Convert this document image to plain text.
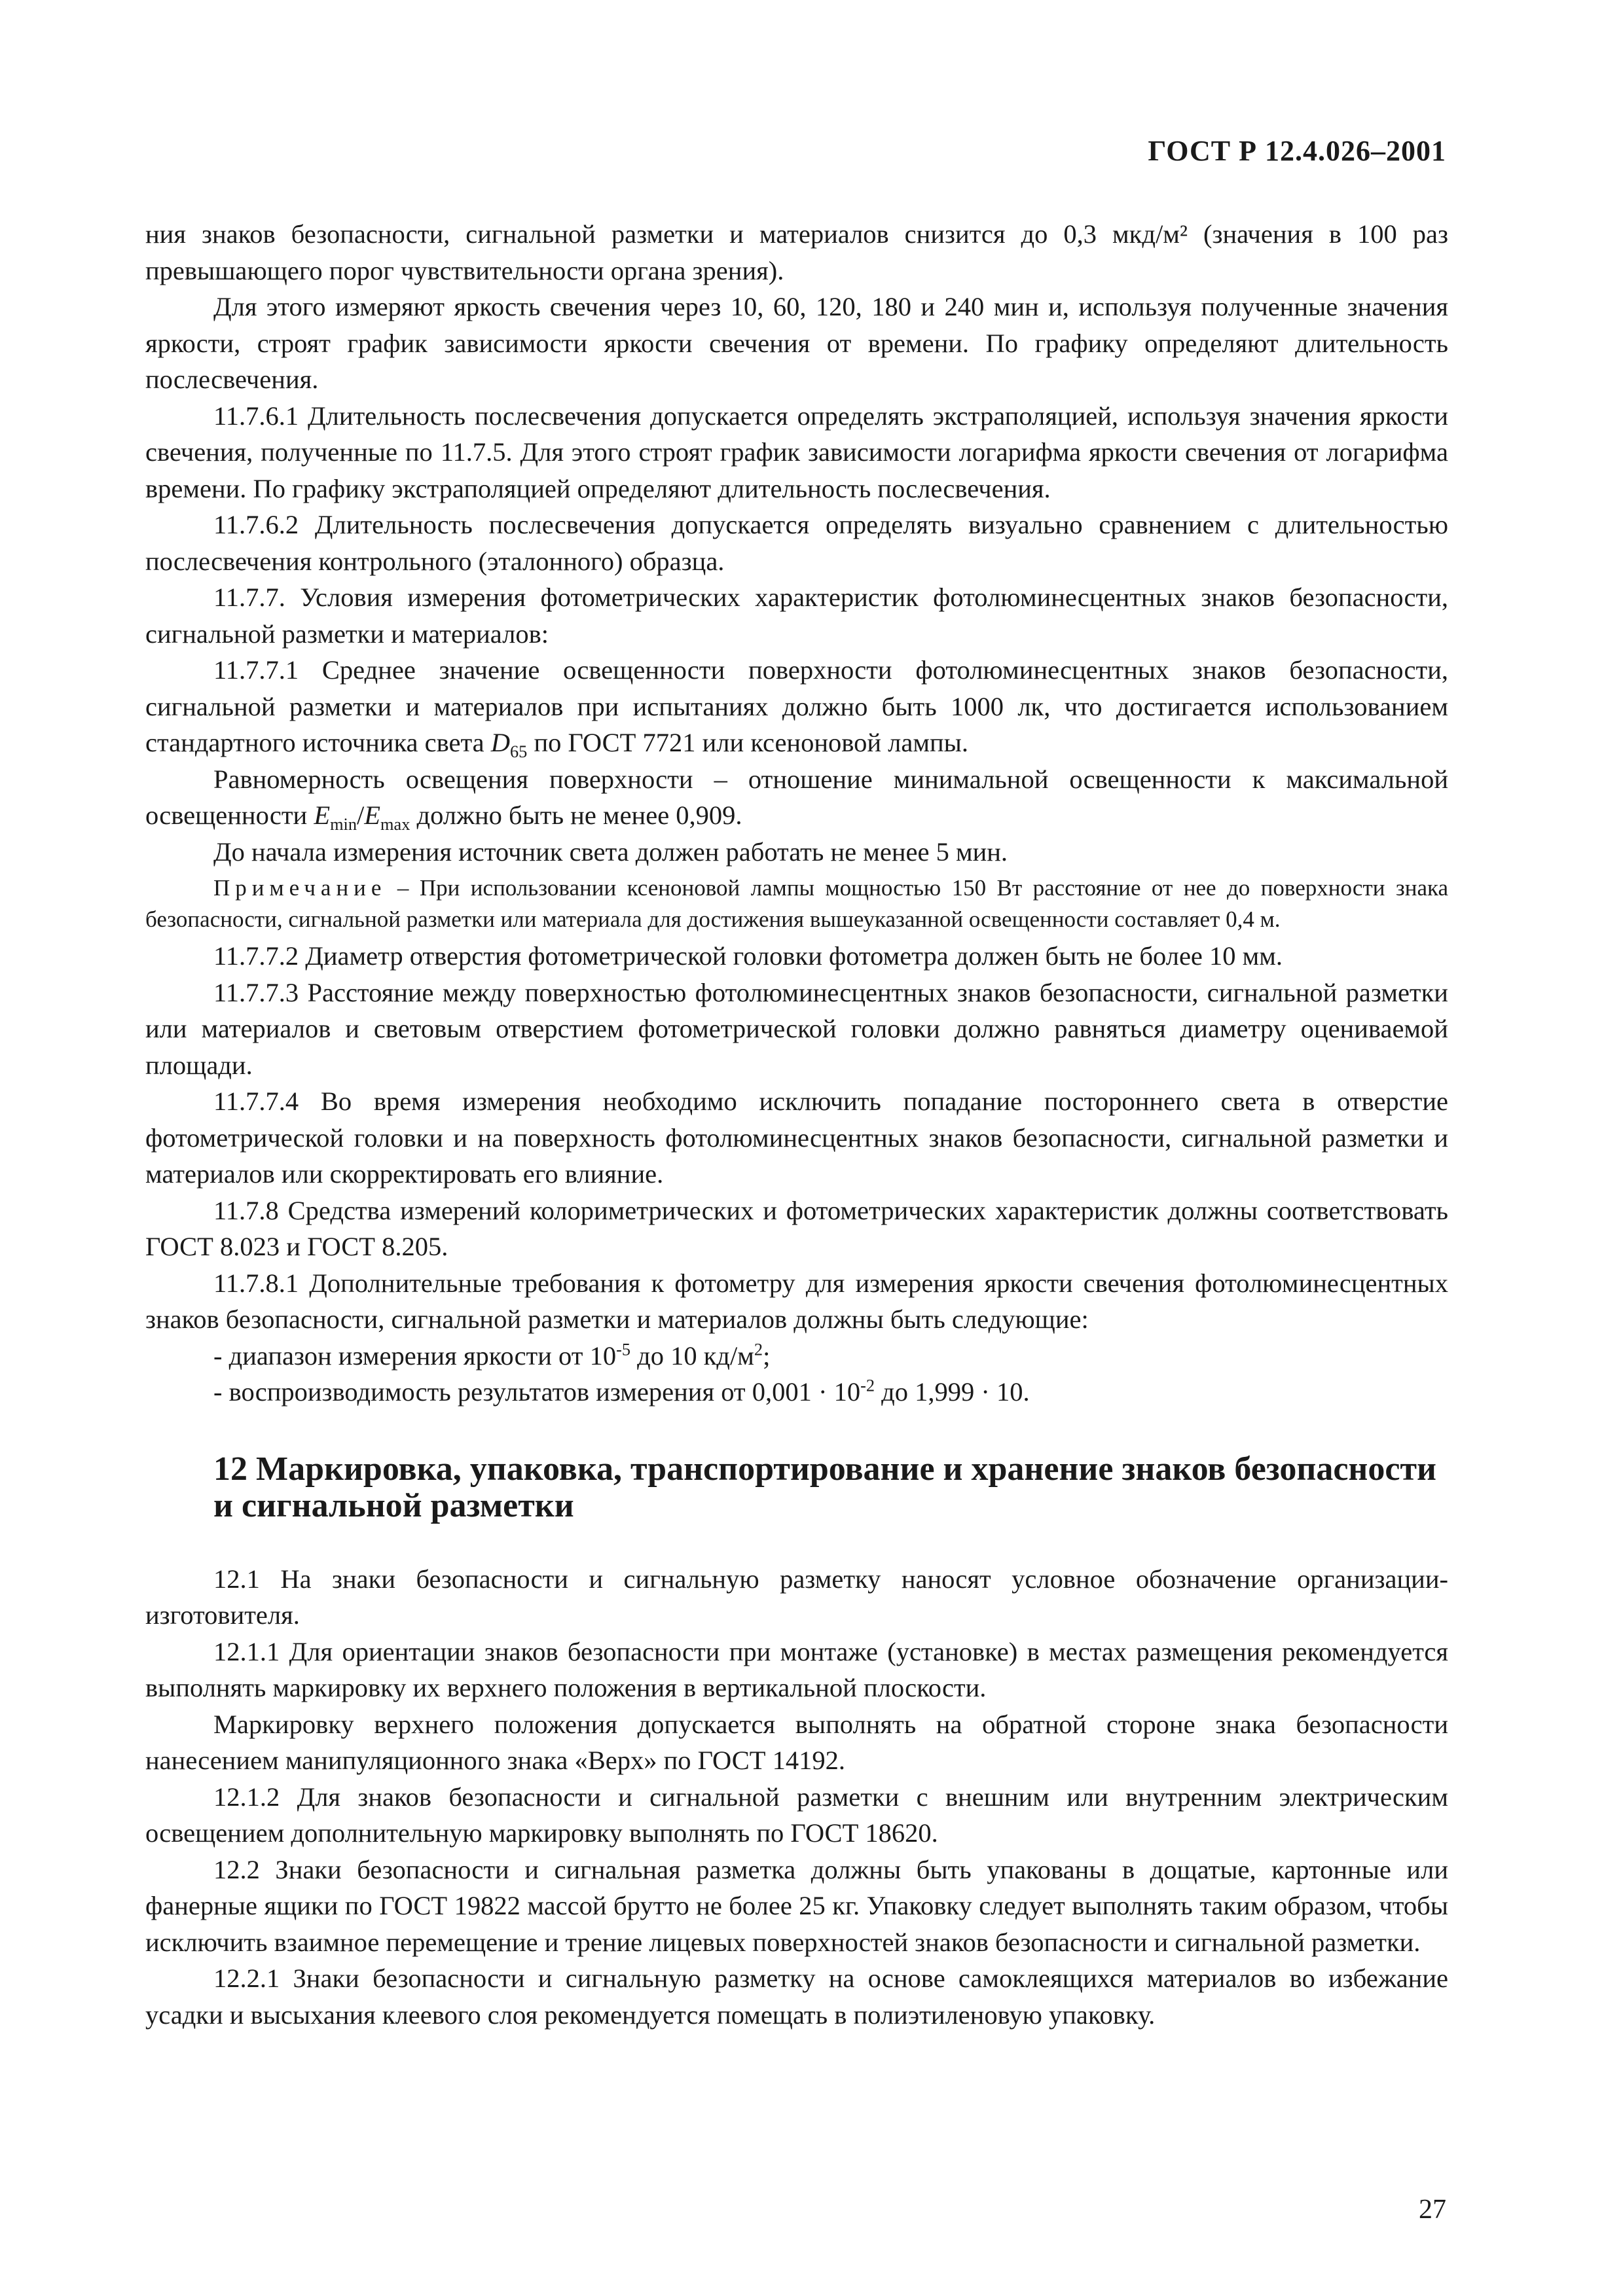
ГОСТ Р 12.4.026–2001

ния знаков безопасности, сигнальной разметки и материалов снизится до 0,3 мкд/м² (значения в 100 раз превышающего порог чувствительности органа зрения).

Для этого измеряют яркость свечения через 10, 60, 120, 180 и 240 мин и, используя полученные значения яркости, строят график зависимости яркости свечения от времени. По графику определяют длительность послесвечения.

11.7.6.1 Длительность послесвечения допускается определять экстраполяцией, используя значения яркости свечения, полученные по 11.7.5. Для этого строят график зависимости логарифма яркости свечения от логарифма времени. По графику экстраполяцией определяют длительность послесвечения.

11.7.6.2 Длительность послесвечения допускается определять визуально сравнением с длительностью послесвечения контрольного (эталонного) образца.

11.7.7. Условия измерения фотометрических характеристик фотолюминесцентных знаков безопасности, сигнальной разметки и материалов:

11.7.7.1 Среднее значение освещенности поверхности фотолюминесцентных знаков безопасности, сигнальной разметки и материалов при испытаниях должно быть 1000 лк, что достигается использованием стандартного источника света $D_{65}$ по ГОСТ 7721 или ксеноновой лампы.

Равномерность освещения поверхности – отношение минимальной освещенности к максимальной освещенности $E_{min}/E_{max}$ должно быть не менее 0,909.

До начала измерения источник света должен работать не менее 5 мин.

Примечание – При использовании ксеноновой лампы мощностью 150 Вт расстояние от нее до поверхности знака безопасности, сигнальной разметки или материала для достижения вышеуказанной освещенности составляет 0,4 м.

11.7.7.2 Диаметр отверстия фотометрической головки фотометра должен быть не более 10 мм.

11.7.7.3 Расстояние между поверхностью фотолюминесцентных знаков безопасности, сигнальной разметки или материалов и световым отверстием фотометрической головки должно равняться диаметру оцениваемой площади.

11.7.7.4 Во время измерения необходимо исключить попадание постороннего света в отверстие фотометрической головки и на поверхность фотолюминесцентных знаков безопасности, сигнальной разметки и материалов или скорректировать его влияние.

11.7.8 Средства измерений колориметрических и фотометрических характеристик должны соответствовать ГОСТ 8.023 и ГОСТ 8.205.

11.7.8.1 Дополнительные требования к фотометру для измерения яркости свечения фотолюминесцентных знаков безопасности, сигнальной разметки и материалов должны быть следующие:

- диапазон измерения яркости от $10^{-5}$ до 10 $кд/м^2$;

- воспроизводимость результатов измерения от $0,001 \cdot 10^{-2}$ до 1,999 · 10.

12 Маркировка, упаковка, транспортирование и хранение знаков безопасности и сигнальной разметки

12.1 На знаки безопасности и сигнальную разметку наносят условное обозначение организации-изготовителя.

12.1.1 Для ориентации знаков безопасности при монтаже (установке) в местах размещения рекомендуется выполнять маркировку их верхнего положения в вертикальной плоскости.

Маркировку верхнего положения допускается выполнять на обратной стороне знака безопасности нанесением манипуляционного знака «Верх» по ГОСТ 14192.

12.1.2 Для знаков безопасности и сигнальной разметки с внешним или внутренним электрическим освещением дополнительную маркировку выполнять по ГОСТ 18620.

12.2 Знаки безопасности и сигнальная разметка должны быть упакованы в дощатые, картонные или фанерные ящики по ГОСТ 19822 массой брутто не более 25 кг. Упаковку следует выполнять таким образом, чтобы исключить взаимное перемещение и трение лицевых поверхностей знаков безопасности и сигнальной разметки.

12.2.1 Знаки безопасности и сигнальную разметку на основе самоклеящихся материалов во избежание усадки и высыхания клеевого слоя рекомендуется помещать в полиэтиленовую упаковку.

27
